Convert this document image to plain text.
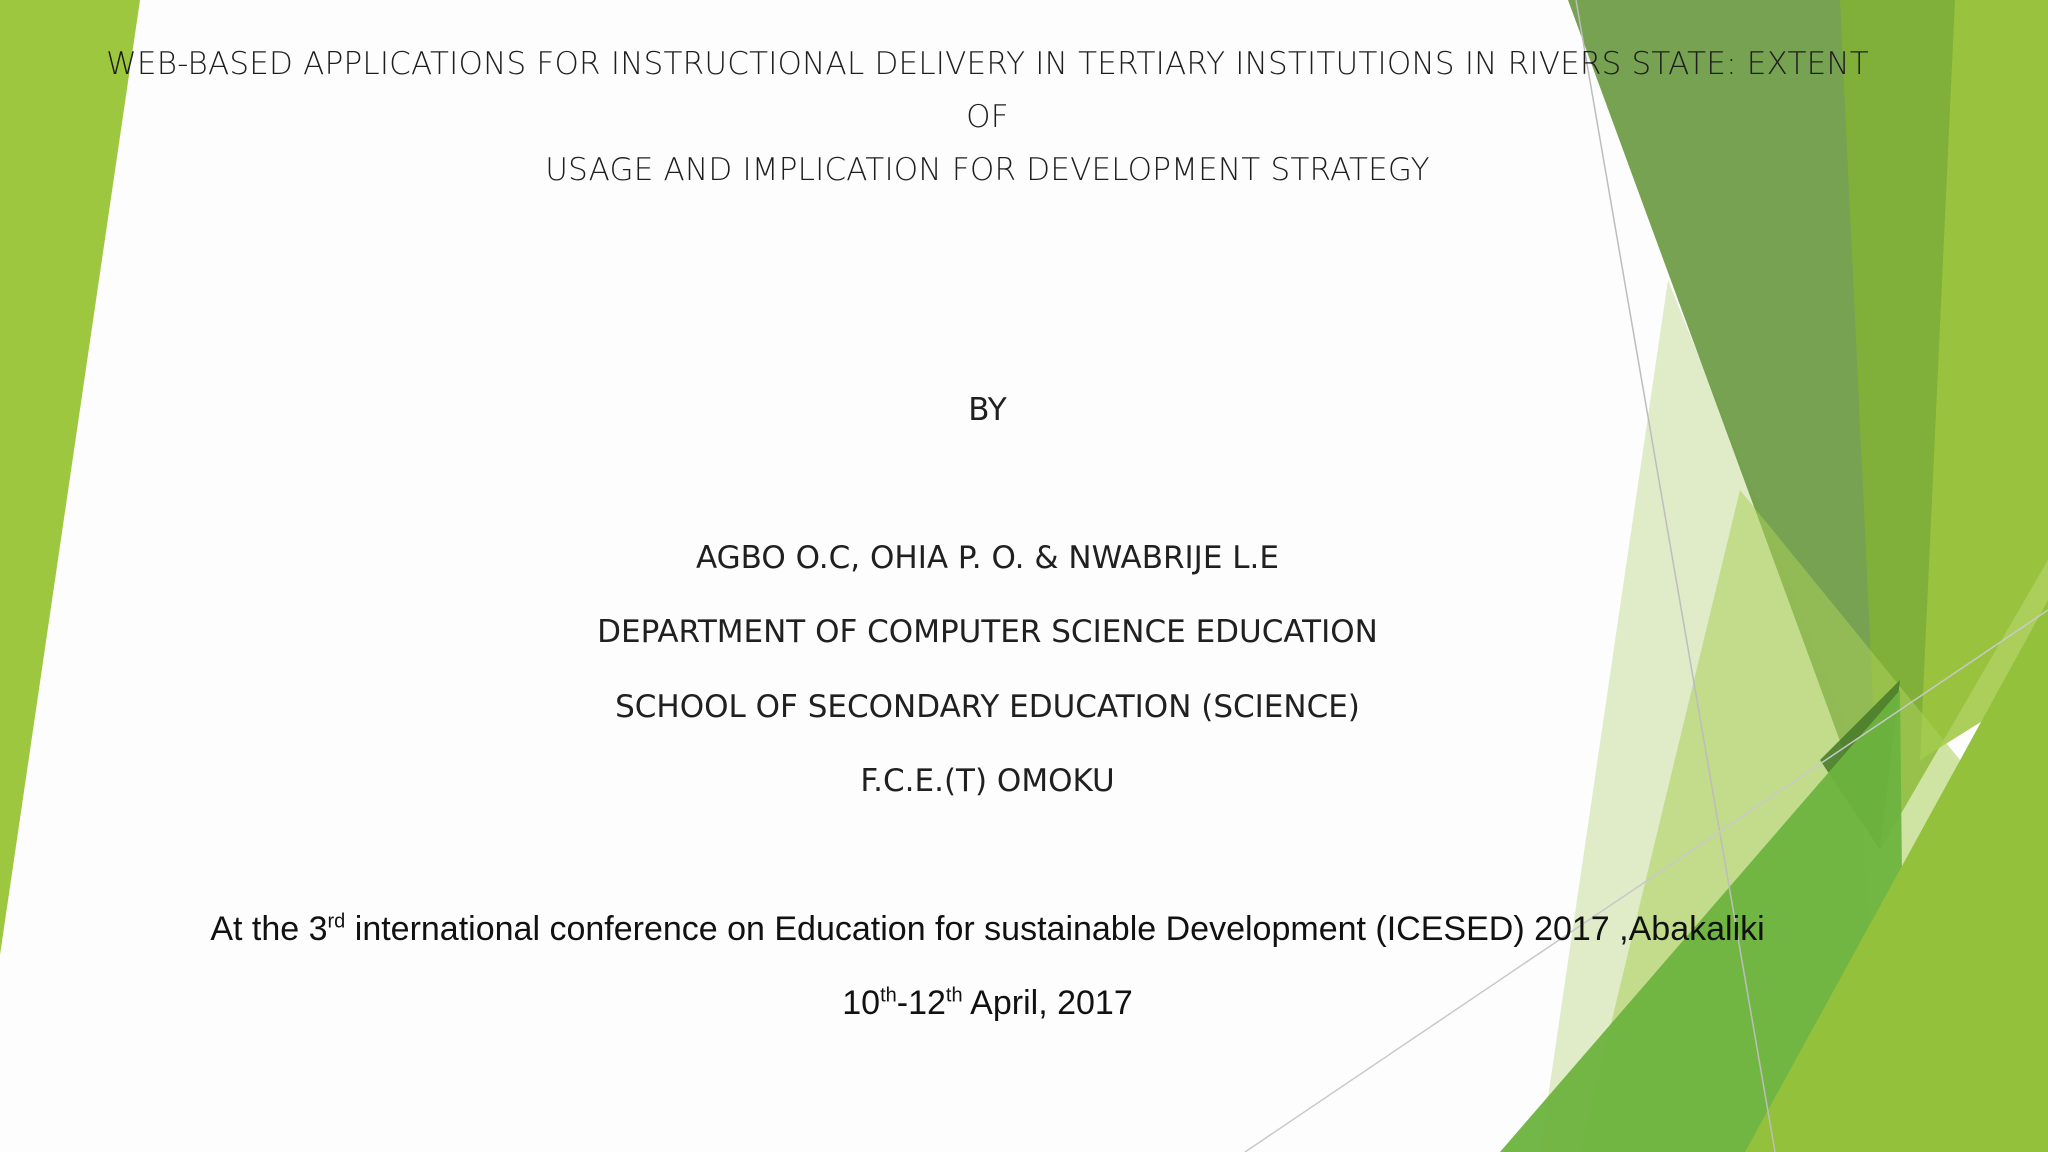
WEB-BASED APPLICATIONS FOR INSTRUCTIONAL DELIVERY IN TERTIARY INSTITUTIONS IN RIVERS STATE: EXTENT OF
USAGE AND IMPLICATION FOR DEVELOPMENT STRATEGY
BY
AGBO O.C, OHIA P. O. & NWABRIJE L.E
DEPARTMENT OF COMPUTER SCIENCE EDUCATION
SCHOOL OF SECONDARY EDUCATION (SCIENCE)
F.C.E.(T) OMOKU
At the 3rd international conference on Education for sustainable Development (ICESED) 2017 ,Abakaliki
10th-12th April, 2017
